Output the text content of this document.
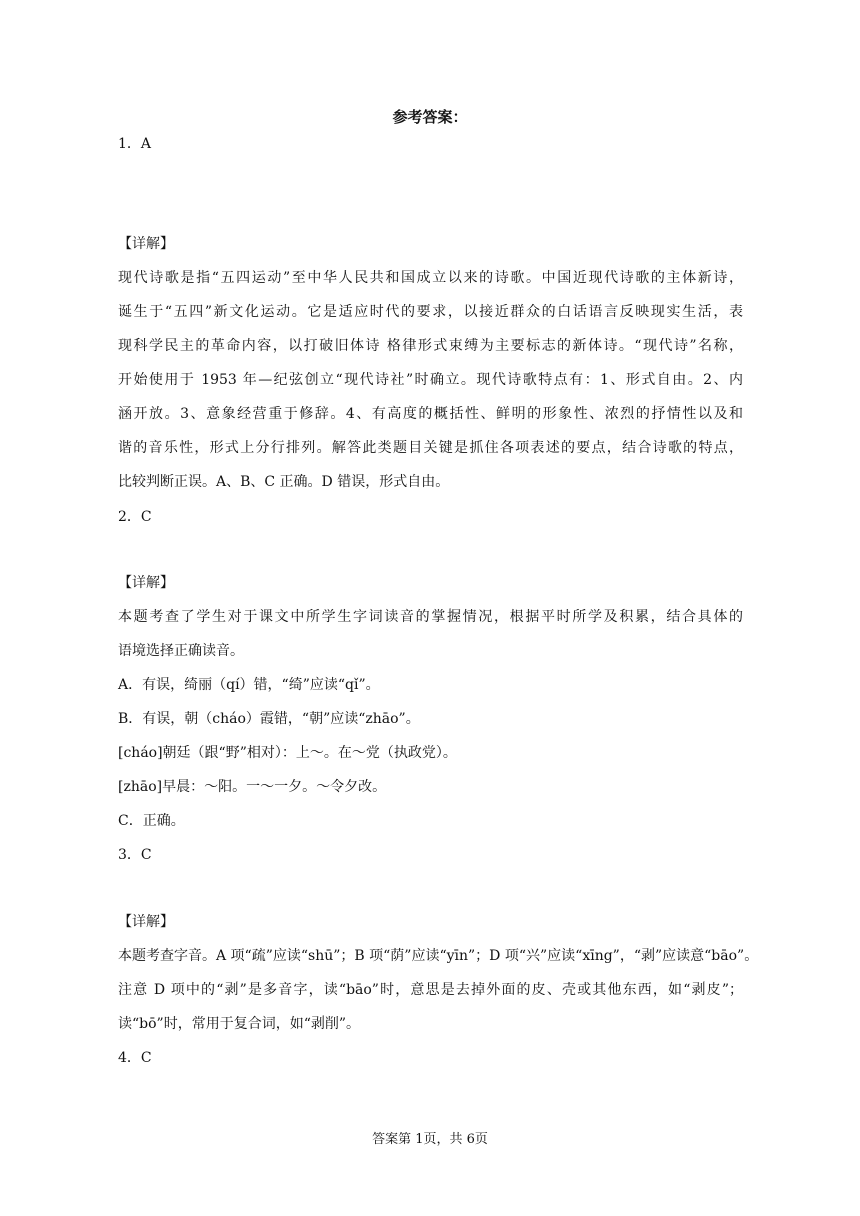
参考答案：
1．A
【详解】
现代诗歌是指“五四运动”至中华人民共和国成立以来的诗歌。中国近现代诗歌的主体新诗，
诞生于“五四”新文化运动。它是适应时代的要求，以接近群众的白话语言反映现实生活，表
现科学民主的革命内容，以打破旧体诗 格律形式束缚为主要标志的新体诗。“现代诗”名称，
开始使用于 1953 年—纪弦创立“现代诗社”时确立。现代诗歌特点有：1、形式自由。2、内
涵开放。3、意象经营重于修辞。4、有高度的概括性、鲜明的形象性、浓烈的抒情性以及和
谐的音乐性，形式上分行排列。解答此类题目关键是抓住各项表述的要点，结合诗歌的特点，
比较判断正误。A、B、C 正确。D 错误，形式自由。
2．C
【详解】
本题考查了学生对于课文中所学生字词读音的掌握情况，根据平时所学及积累，结合具体的
语境选择正确读音。
A．有误，绮丽（qí）错，“绮”应读“qǐ”。
B．有误，朝（cháo）霞错，“朝”应读“zhāo”。
[cháo]朝廷（跟“野”相对）：上～。在～党（执政党）。
[zhāo]早晨：～阳。一～一夕。～令夕改。
C．正确。
3．C
【详解】
本题考查字音。A 项“疏”应读“shū”；B 项“荫”应读“yīn”；D 项“兴”应读“xīng”，“剥”应读意“bāo”。
注意 D 项中的“剥”是多音字，读“bāo”时，意思是去掉外面的皮、壳或其他东西，如“剥皮”；
读“bō”时，常用于复合词，如“剥削”。
4．C
答案第 1页，共 6页
